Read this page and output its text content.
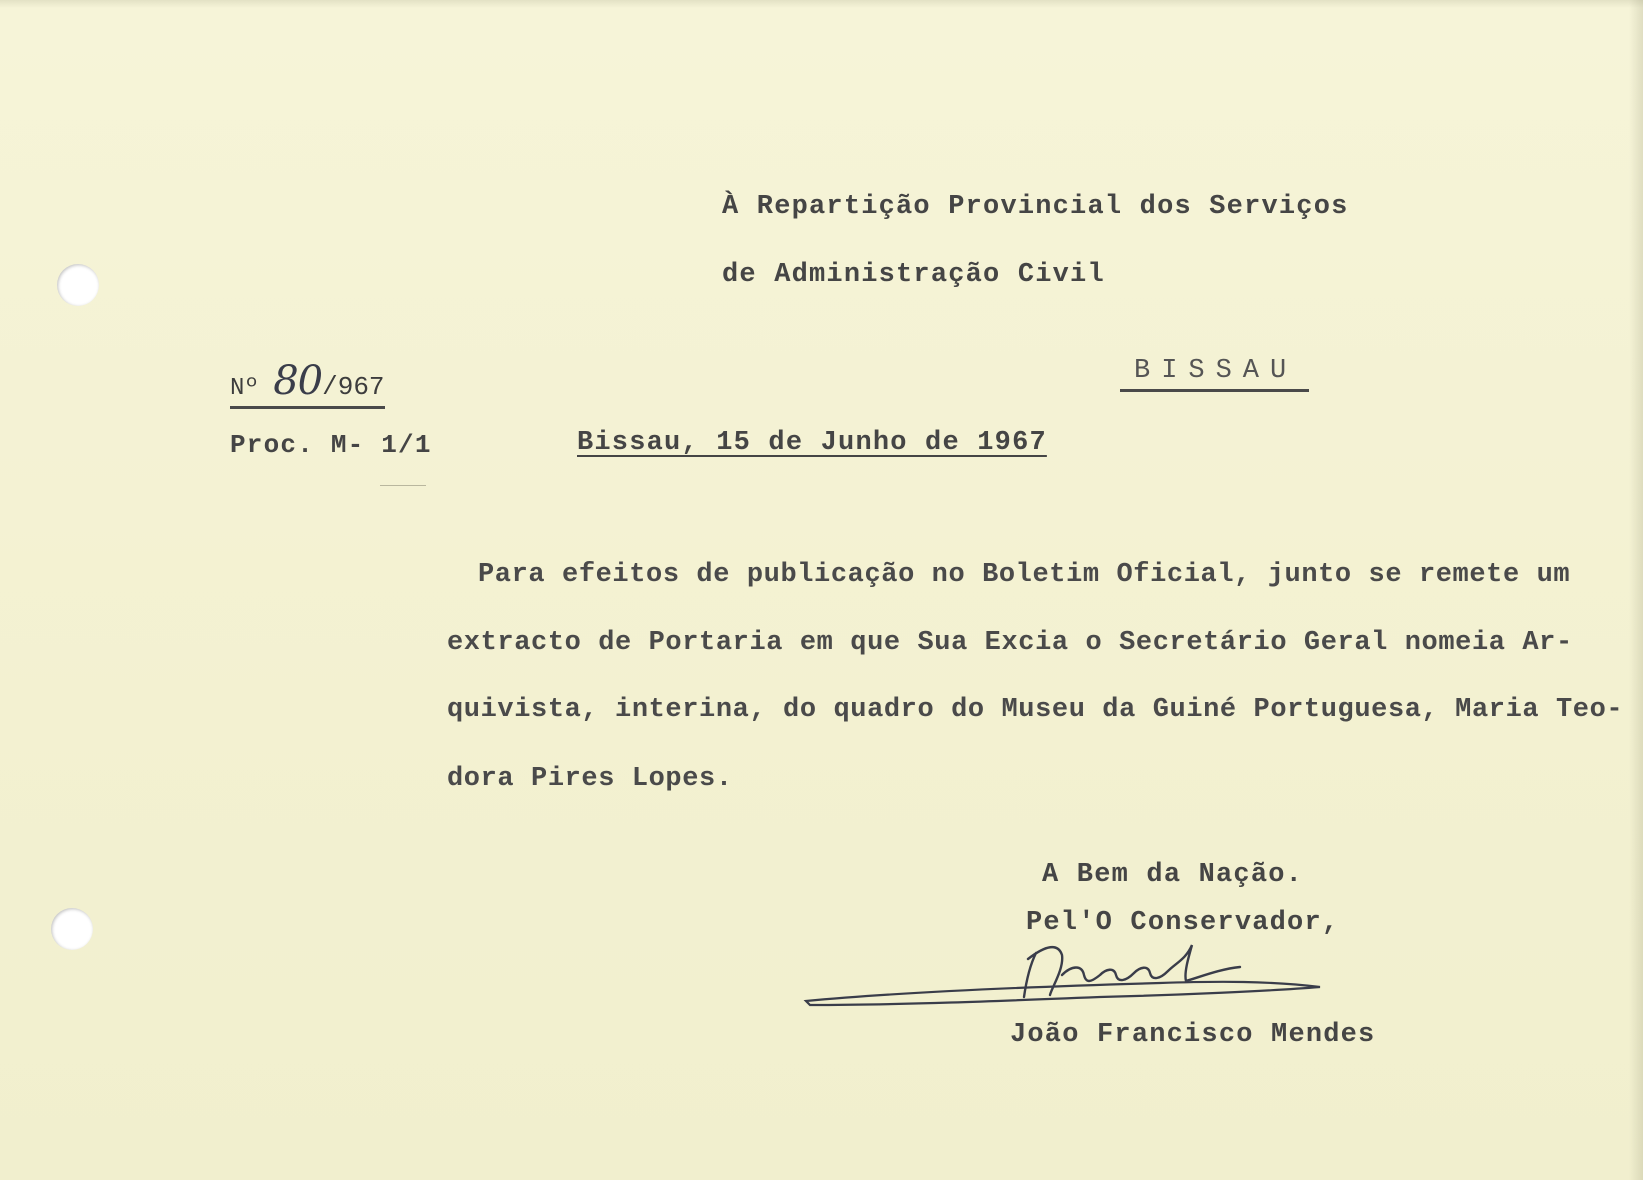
À Repartição Provincial dos Serviços
de Administração Civil
Nº 80/967
BISSAU
Proc. M- 1/1	Bissau, 15 de Junho de 1967
Para efeitos de publicação no Boletim Oficial, junto se remete um
extracto de Portaria em que Sua Excia o Secretário Geral nomeia Ar-
quivista, interina, do quadro do Museu da Guiné Portuguesa, Maria Teo-
dora Pires Lopes.
A Bem da Nação.
Pel'O Conservador,
João Francisco Mendes
